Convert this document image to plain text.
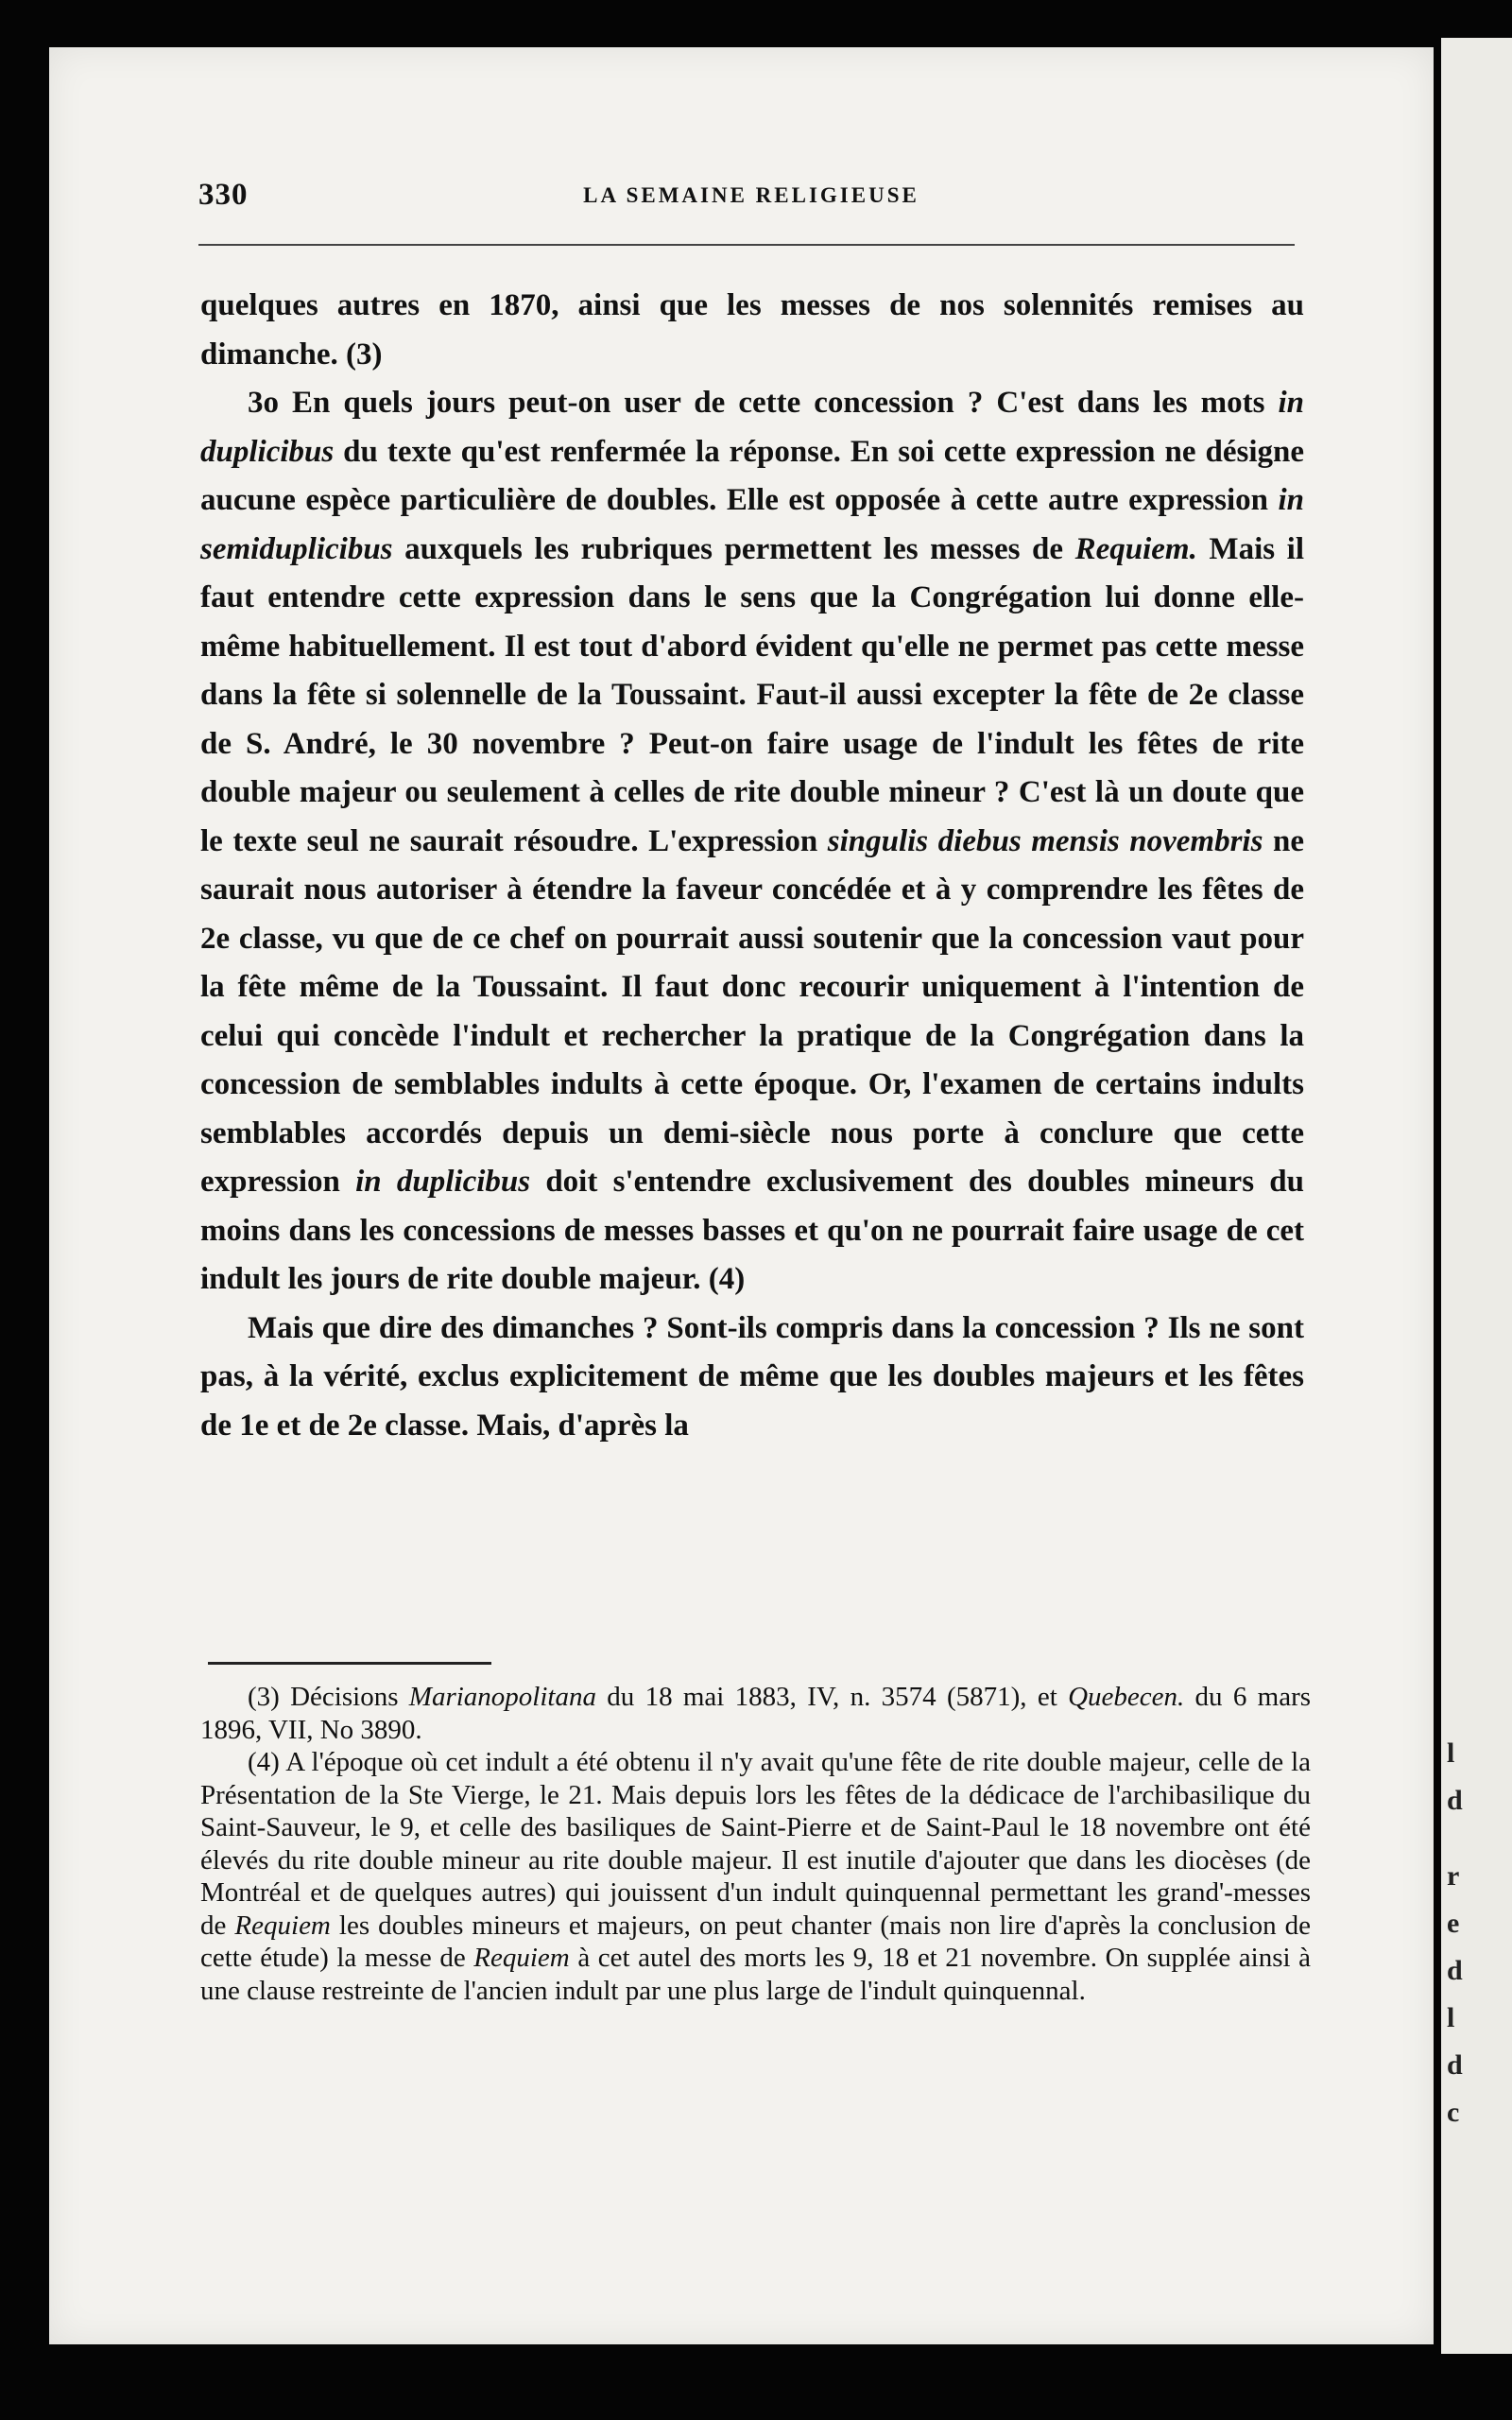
l
d
r
e
d
l
d
c
330	LA SEMAINE RELIGIEUSE

quelques autres en 1870, ainsi que les messes de nos solennités remises au dimanche. (3)

3o En quels jours peut-on user de cette concession ? C'est dans les mots in duplicibus du texte qu'est renfermée la réponse. En soi cette expression ne désigne aucune espèce particulière de doubles. Elle est opposée à cette autre expression in semiduplicibus auxquels les rubriques permettent les messes de Requiem. Mais il faut entendre cette expression dans le sens que la Congrégation lui donne elle-même habituellement. Il est tout d'abord évident qu'elle ne permet pas cette messe dans la fête si solennelle de la Toussaint. Faut-il aussi excepter la fête de 2e classe de S. André, le 30 novembre ? Peut-on faire usage de l'indult les fêtes de rite double majeur ou seulement à celles de rite double mineur ? C'est là un doute que le texte seul ne saurait résoudre. L'expression singulis diebus mensis novembris ne saurait nous autoriser à étendre la faveur concédée et à y comprendre les fêtes de 2e classe, vu que de ce chef on pourrait aussi soutenir que la concession vaut pour la fête même de la Toussaint. Il faut donc recourir uniquement à l'intention de celui qui concède l'indult et rechercher la pratique de la Congrégation dans la concession de semblables indults à cette époque. Or, l'examen de certains indults semblables accordés depuis un demi-siècle nous porte à conclure que cette expression in duplicibus doit s'entendre exclusivement des doubles mineurs du moins dans les concessions de messes basses et qu'on ne pourrait faire usage de cet indult les jours de rite double majeur. (4)

Mais que dire des dimanches ? Sont-ils compris dans la concession ? Ils ne sont pas, à la vérité, exclus explicitement de même que les doubles majeurs et les fêtes de 1e et de 2e classe. Mais, d'après la

(3) Décisions Marianopolitana du 18 mai 1883, IV, n. 3574 (5871), et Quebecen. du 6 mars 1896, VII, No 3890.

(4) A l'époque où cet indult a été obtenu il n'y avait qu'une fête de rite double majeur, celle de la Présentation de la Ste Vierge, le 21. Mais depuis lors les fêtes de la dédicace de l'archibasilique du Saint-Sauveur, le 9, et celle des basiliques de Saint-Pierre et de Saint-Paul le 18 novembre ont été élevés du rite double mineur au rite double majeur. Il est inutile d'ajouter que dans les diocèses (de Montréal et de quelques autres) qui jouissent d'un indult quinquennal permettant les grand'-messes de Requiem les doubles mineurs et majeurs, on peut chanter (mais non lire d'après la conclusion de cette étude) la messe de Requiem à cet autel des morts les 9, 18 et 21 novembre. On supplée ainsi à une clause restreinte de l'ancien indult par une plus large de l'indult quinquennal.
